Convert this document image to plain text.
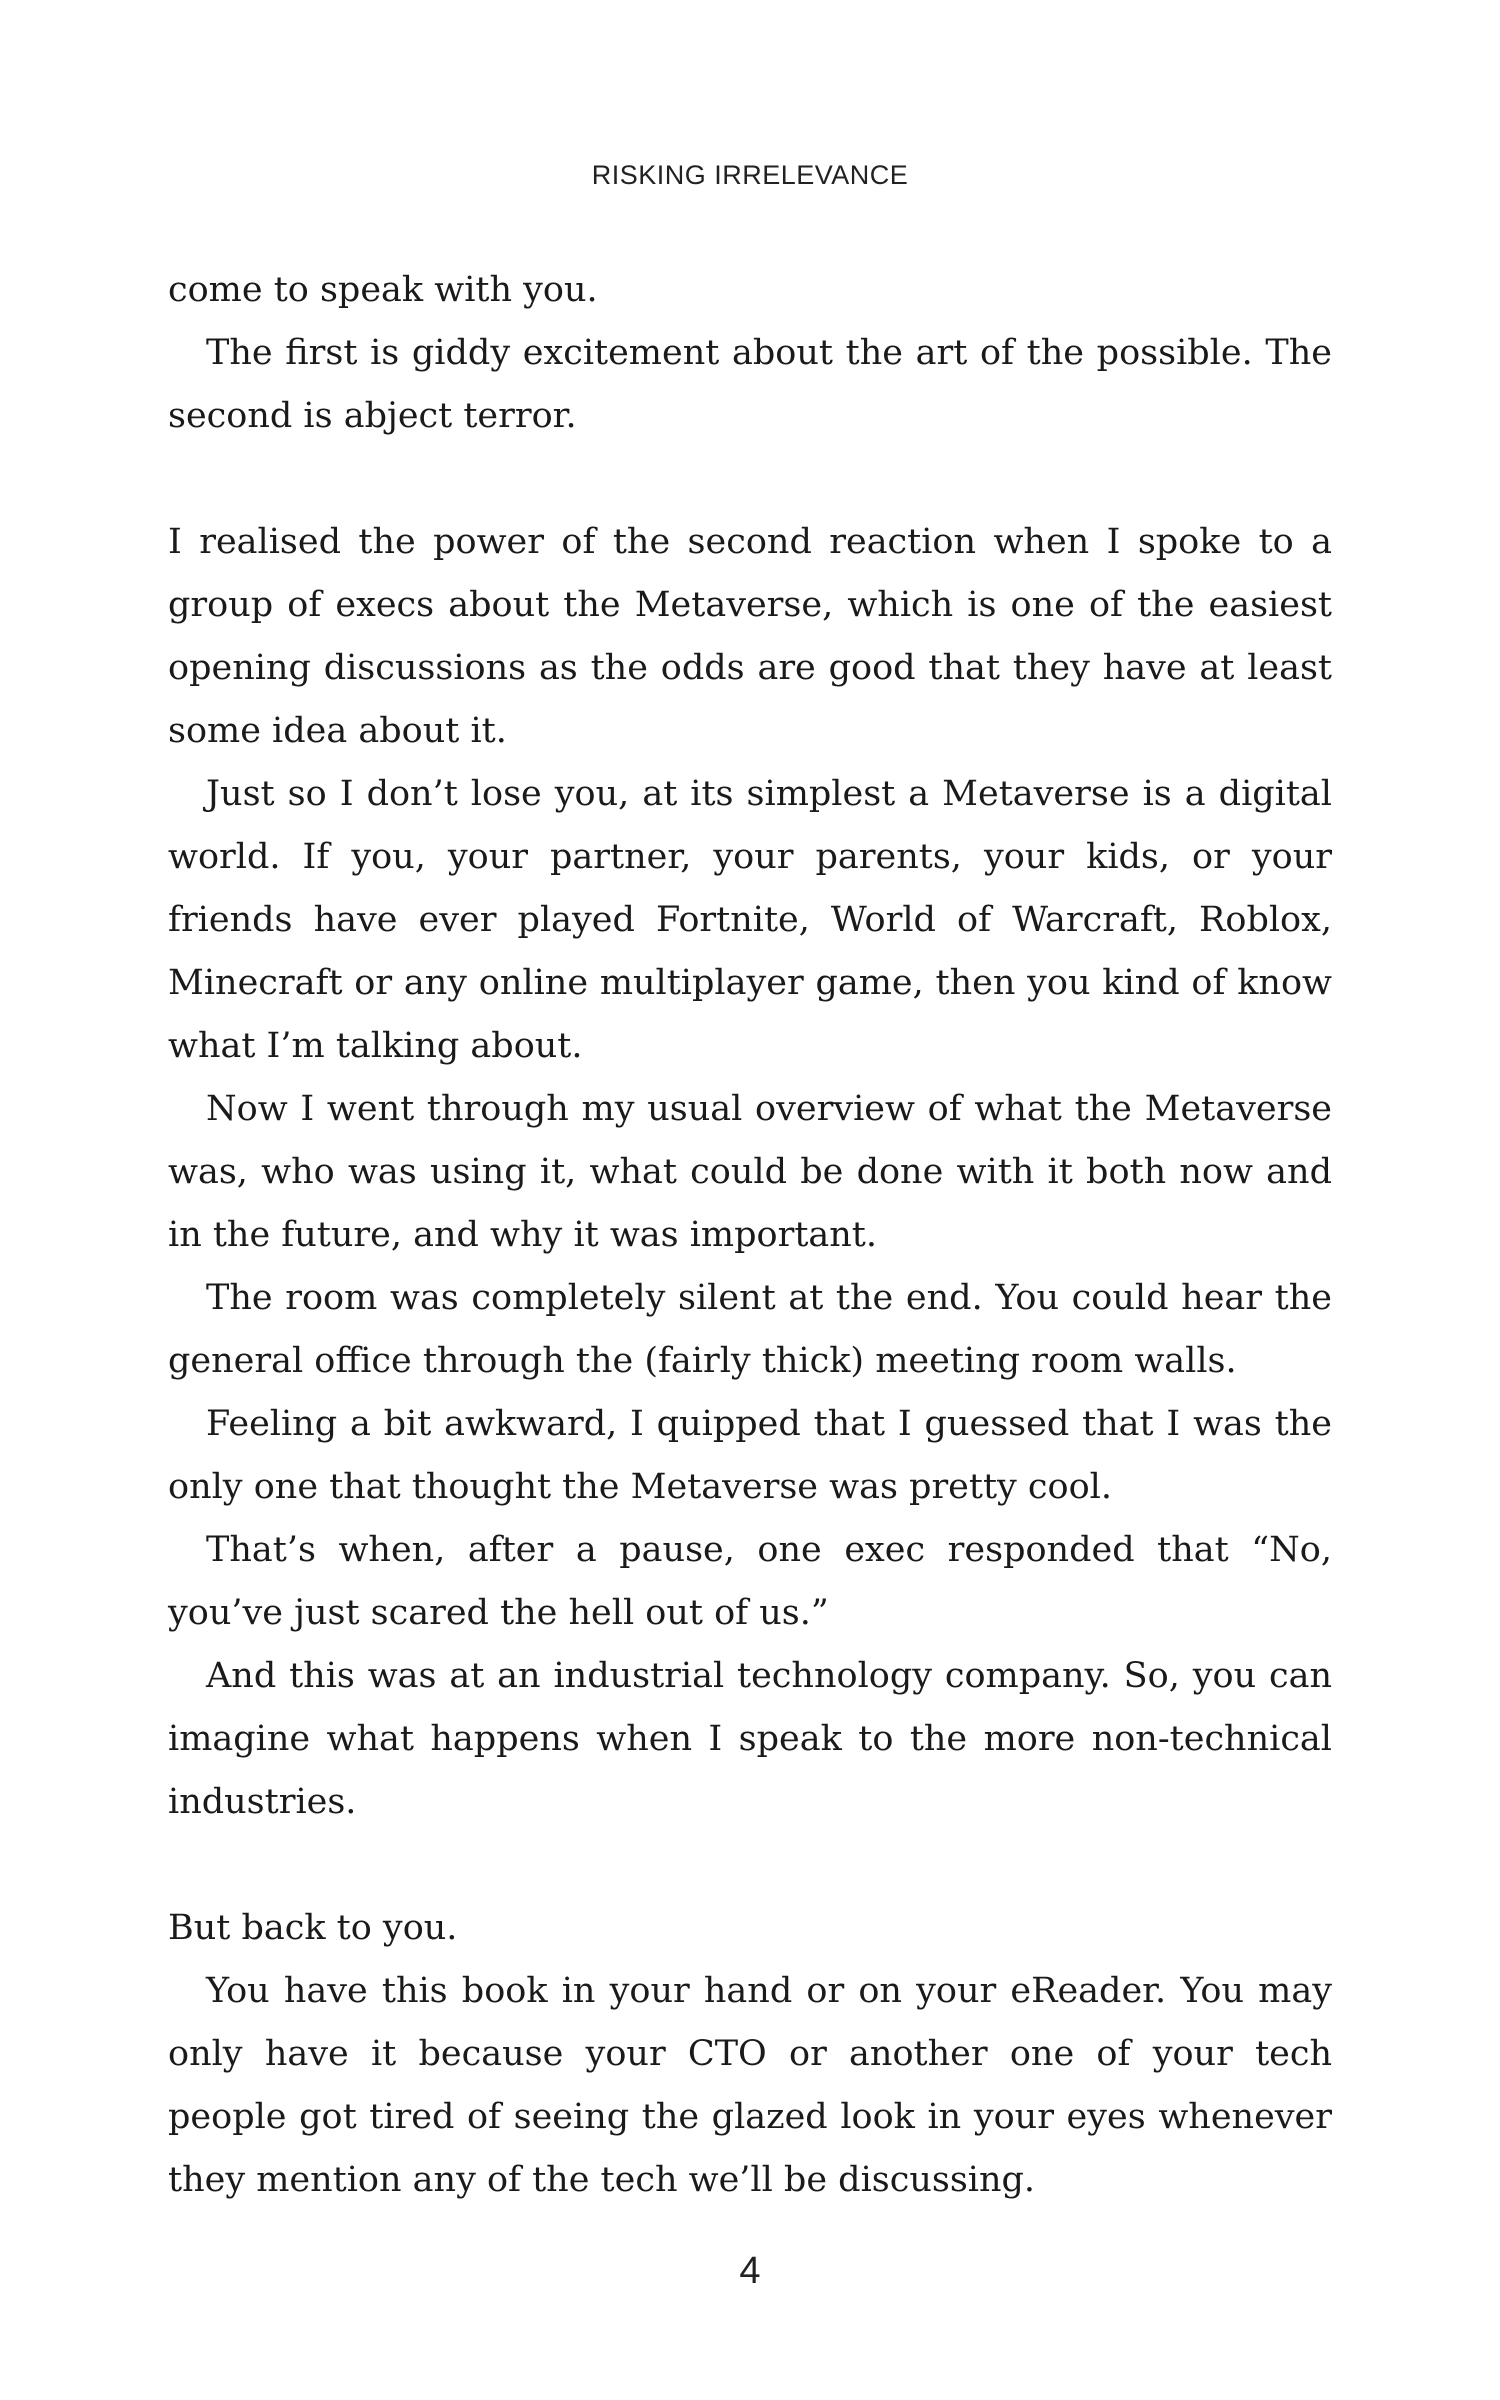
RISKING IRRELEVANCE

come to speak with you.

The first is giddy excitement about the art of the possible. The second is abject terror.

I realised the power of the second reaction when I spoke to a group of execs about the Metaverse, which is one of the easiest opening discussions as the odds are good that they have at least some idea about it.

Just so I don’t lose you, at its simplest a Metaverse is a digital world. If you, your partner, your parents, your kids, or your friends have ever played Fortnite, World of Warcraft, Roblox, Minecraft or any online multiplayer game, then you kind of know what I’m talking about.

Now I went through my usual overview of what the Metaverse was, who was using it, what could be done with it both now and in the future, and why it was important.

The room was completely silent at the end. You could hear the general office through the (fairly thick) meeting room walls.

Feeling a bit awkward, I quipped that I guessed that I was the only one that thought the Metaverse was pretty cool.

That’s when, after a pause, one exec responded that “No, you’ve just scared the hell out of us.”

And this was at an industrial technology company. So, you can imagine what happens when I speak to the more non-technical industries.

But back to you.

You have this book in your hand or on your eReader. You may only have it because your CTO or another one of your tech people got tired of seeing the glazed look in your eyes whenever they mention any of the tech we’ll be discussing.

4
